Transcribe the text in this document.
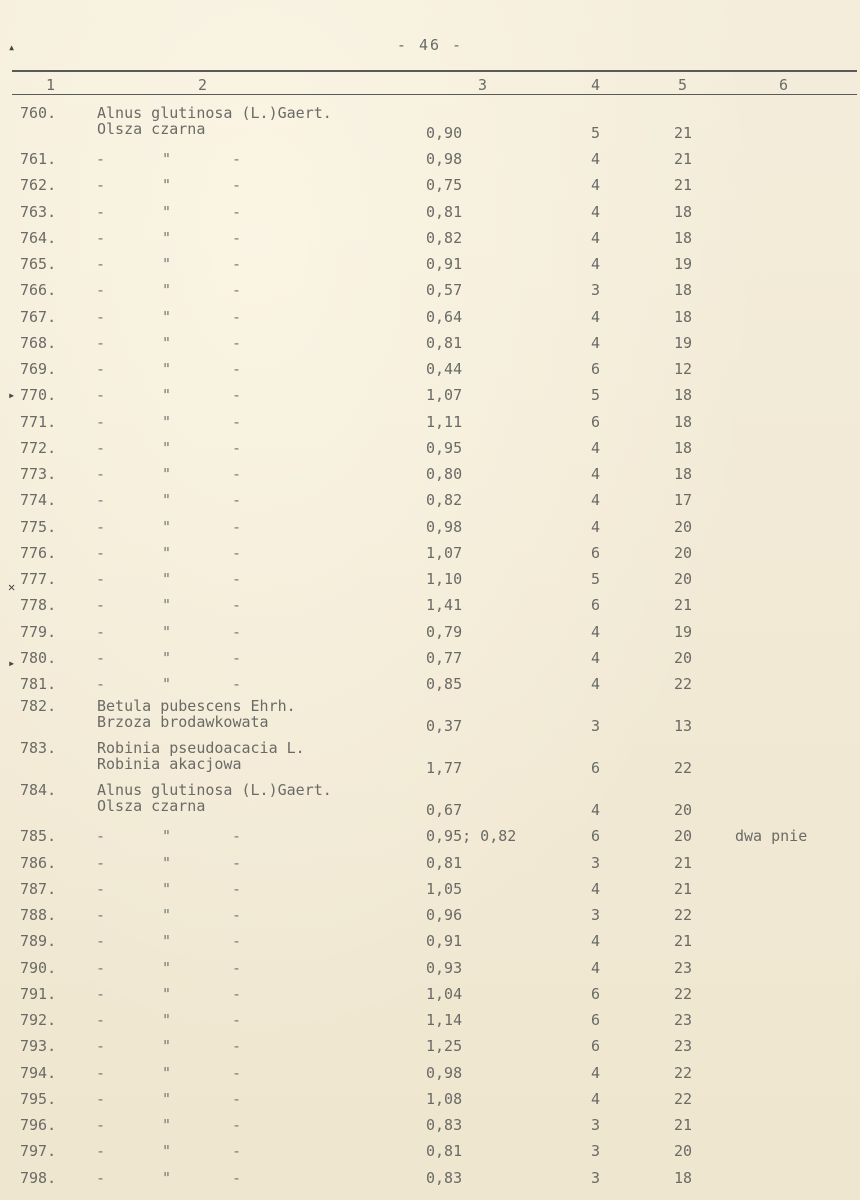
- 46 -
1	2	3	4	5	6
760.	Alnus glutinosa (L.)Gaert.
Olsza czarna	0,90	5	21
761.	-	"	-	0,98	4	21
762.	-	"	-	0,75	4	21
763.	-	"	-	0,81	4	18
764.	-	"	-	0,82	4	18
765.	-	"	-	0,91	4	19
766.	-	"	-	0,57	3	18
767.	-	"	-	0,64	4	18
768.	-	"	-	0,81	4	19
769.	-	"	-	0,44	6	12
770.	-	"	-	1,07	5	18
771.	-	"	-	1,11	6	18
772.	-	"	-	0,95	4	18
773.	-	"	-	0,80	4	18
774.	-	"	-	0,82	4	17
775.	-	"	-	0,98	4	20
776.	-	"	-	1,07	6	20
777.	-	"	-	1,10	5	20
778.	-	"	-	1,41	6	21
779.	-	"	-	0,79	4	19
780.	-	"	-	0,77	4	20
781.	-	"	-	0,85	4	22
782.	Betula pubescens Ehrh.
Brzoza brodawkowata	0,37	3	13
783.	Robinia pseudoacacia L.
Robinia akacjowa	1,77	6	22
784.	Alnus glutinosa (L.)Gaert.
Olsza czarna	0,67	4	20
785.	-	"	-	0,95; 0,82	6	20	dwa pnie
786.	-	"	-	0,81	3	21
787.	-	"	-	1,05	4	21
788.	-	"	-	0,96	3	22
789.	-	"	-	0,91	4	21
790.	-	"	-	0,93	4	23
791.	-	"	-	1,04	6	22
792.	-	"	-	1,14	6	23
793.	-	"	-	1,25	6	23
794.	-	"	-	0,98	4	22
795.	-	"	-	1,08	4	22
796.	-	"	-	0,83	3	21
797.	-	"	-	0,81	3	20
798.	-	"	-	0,83	3	18
▴
▸
✕
▸
